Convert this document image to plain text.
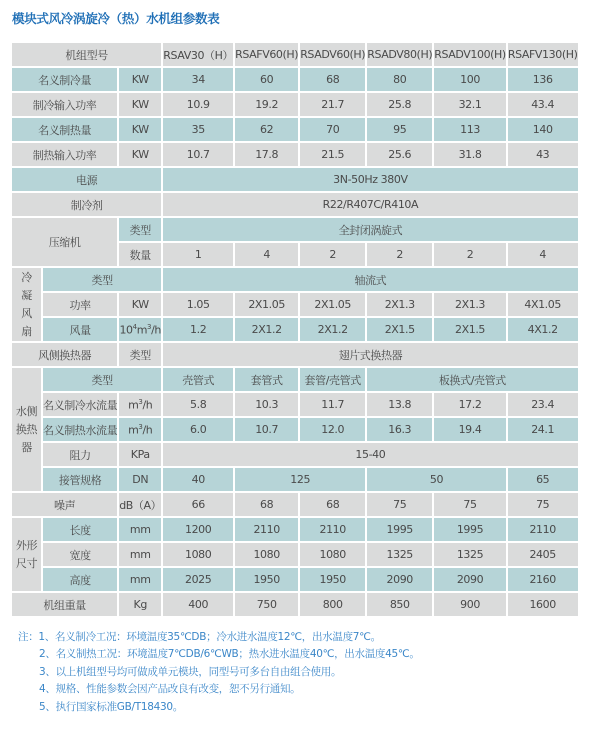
模块式风冷涡旋冷（热）水机组参数表
机组型号			RSAV30（H）	RSAFV60(H)	RSADV60(H)	RSADV80(H)	RSADV100(H)	RSAFV130(H)
名义制冷量		KW	34	60	68	80	100	136
制冷输入功率		KW	10.9	19.2	21.7	25.8	32.1	43.4
名义制热量		KW	35	62	70	95	113	140
制热输入功率		KW	10.7	17.8	21.5	25.6	31.8	43
电源			3N-50Hz 380V					
制冷剂			R22/R407C/R410A					
压缩机		类型	全封闭涡旋式					
		数量	1	4	2	2	2	4
冷凝风扇	类型		轴流式					
	功率	KW	1.05	2X1.05	2X1.05	2X1.3	2X1.3	4X1.05
	风量	$10^4m^3/h$	1.2	2X1.2	2X1.2	2X1.5	2X1.5	4X1.2
风侧换热器		类型	翅片式换热器					
水侧换热器	类型		壳管式	套管式	套管/壳管式	板换式/壳管式		
	名义制冷水流量	$m^3/h$	5.8	10.3	11.7	13.8	17.2	23.4
	名义制热水流量	$m^3/h$	6.0	10.7	12.0	16.3	19.4	24.1
	阻力	KPa	15-40					
	接管规格	DN	40	125		50		65
噪声		dB（A）	66	68	68	75	75	75
外形尺寸	长度	mm	1200	2110	2110	1995	1995	2110
	宽度	mm	1080	1080	1080	1325	1325	2405
	高度	mm	2025	1950	1950	2090	2090	2160
机组重量		Kg	400	750	800	850	900	1600
注：1、名义制冷工况：环境温度35℃DB；冷水进水温度12℃，出水温度7℃。
2、名义制热工况：环境温度7℃DB/6℃WB；热水进水温度40℃，出水温度45℃。
3、以上机组型号均可做成单元模块，同型号可多台自由组合使用。
4、规格、性能参数会因产品改良有改变，恕不另行通知。
5、执行国家标准GB/T18430。
